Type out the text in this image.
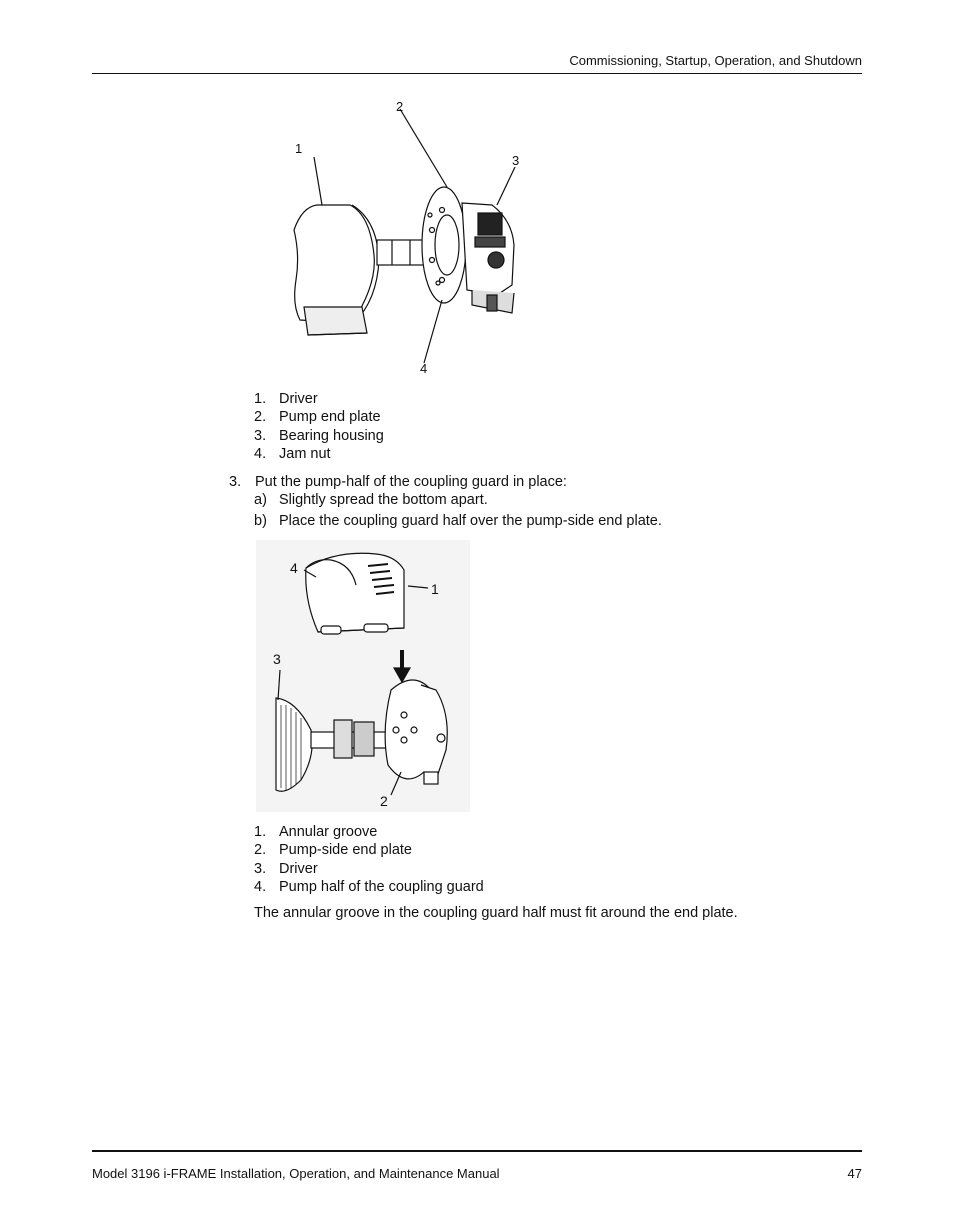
Commissioning, Startup, Operation, and Shutdown
1
2
3
4
1. Driver
2. Pump end plate
3. Bearing housing
4. Jam nut
3. Put the pump-half of the coupling guard in place:
a) Slightly spread the bottom apart.
b) Place the coupling guard half over the pump-side end plate.
1
2
3
4
1. Annular groove
2. Pump-side end plate
3. Driver
4. Pump half of the coupling guard
The annular groove in the coupling guard half must fit around the end plate.
Model 3196 i-FRAME Installation, Operation, and Maintenance Manual	47
